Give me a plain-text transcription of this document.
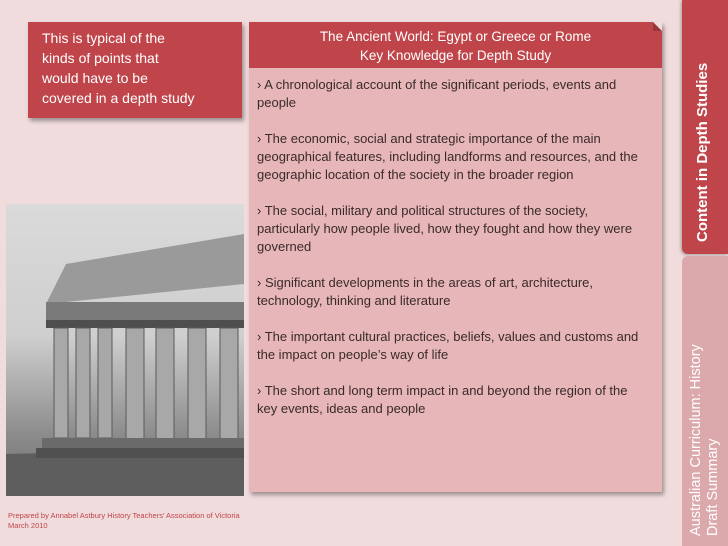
This is typical of the
kinds of points that
would have to be
covered in a depth study
The Ancient World: Egypt or Greece or Rome
Key Knowledge for Depth Study

› A chronological account of the significant periods, events and people

› The economic, social and strategic importance of the main geographical features, including landforms and resources, and the geographic location of the society in the broader region

› The social, military and political structures of the society, particularly how people lived, how they fought and how they were governed

› Significant developments in the areas of art, architecture, technology, thinking and literature

› The important cultural practices, beliefs, values and customs and the impact on people’s way of life

› The short and long term impact in and beyond the region of the key events, ideas and people

Prepared by Annabel Astbury History Teachers’ Association of Victoria
March 2010
Content in Depth Studies
Australian Curriculum: History
Draft Summary
